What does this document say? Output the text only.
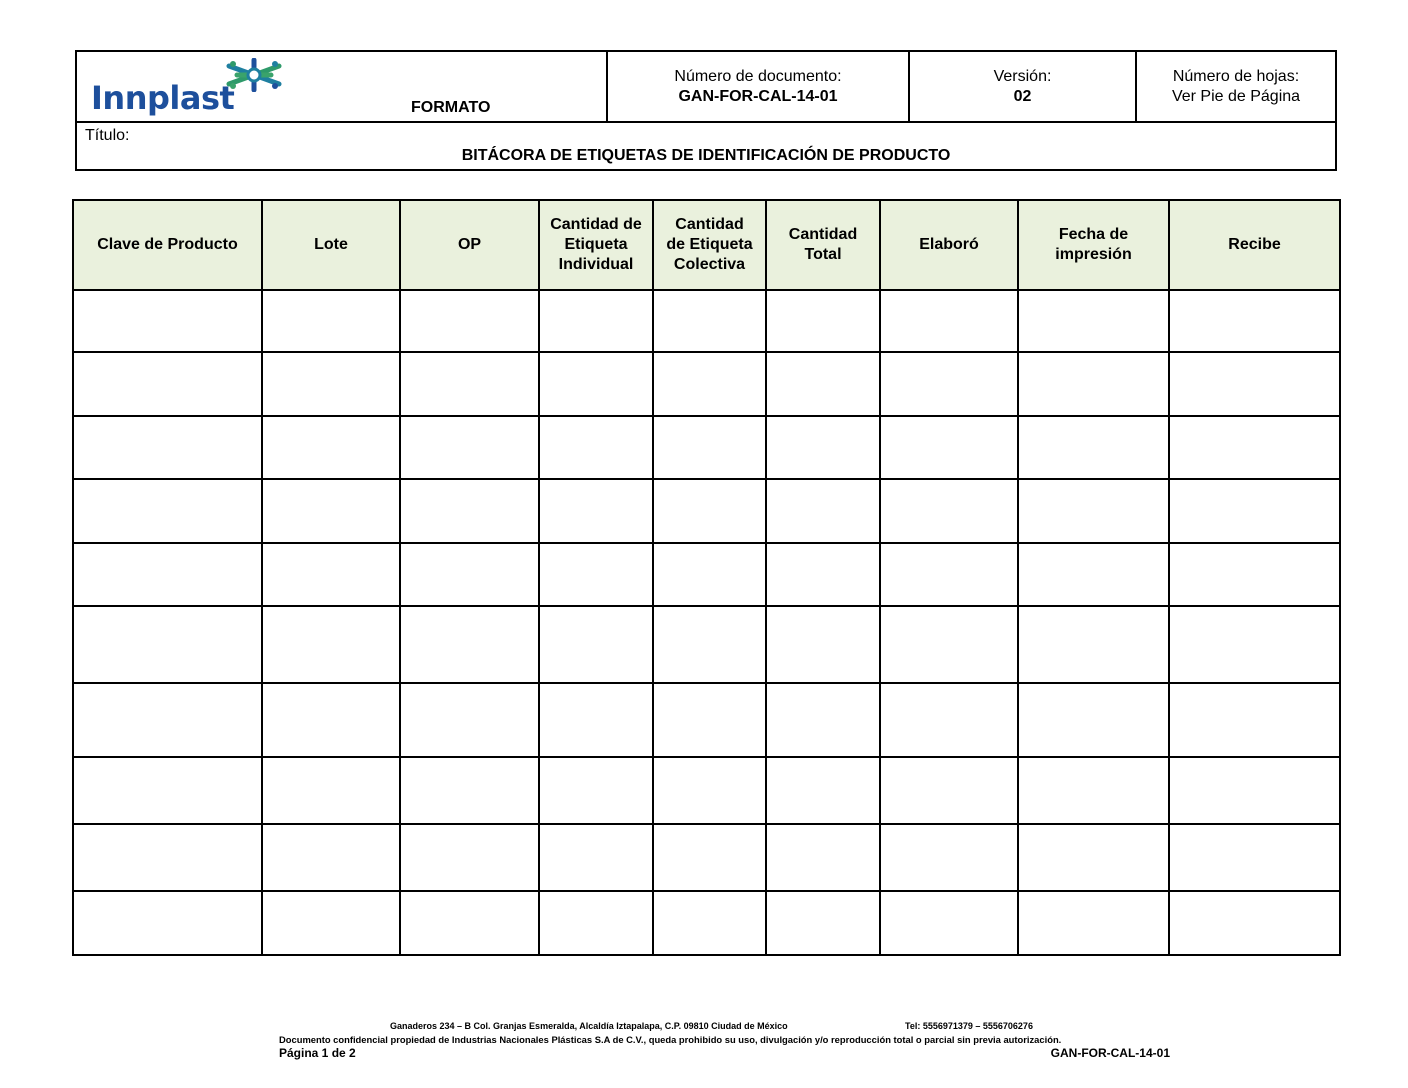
Innplast	FORMATO
Número de documento:
GAN-FOR-CAL-14-01
Versión:
02
Número de hojas:
Ver Pie de Página
Título:
BITÁCORA DE ETIQUETAS DE IDENTIFICACIÓN DE PRODUCTO
Clave de Producto	Lote	OP	Cantidad de Etiqueta Individual	Cantidad de Etiqueta Colectiva	Cantidad Total	Elaboró	Fecha de impresión	Recibe

Ganaderos 234 – B Col. Granjas Esmeralda, Alcaldía Iztapalapa, C.P. 09810 Ciudad de México	Tel: 5556971379 – 5556706276
Documento confidencial propiedad de Industrias Nacionales Plásticas S.A de C.V., queda prohibido su uso, divulgación y/o reproducción total o parcial sin previa autorización.
Página 1 de 2	GAN-FOR-CAL-14-01
